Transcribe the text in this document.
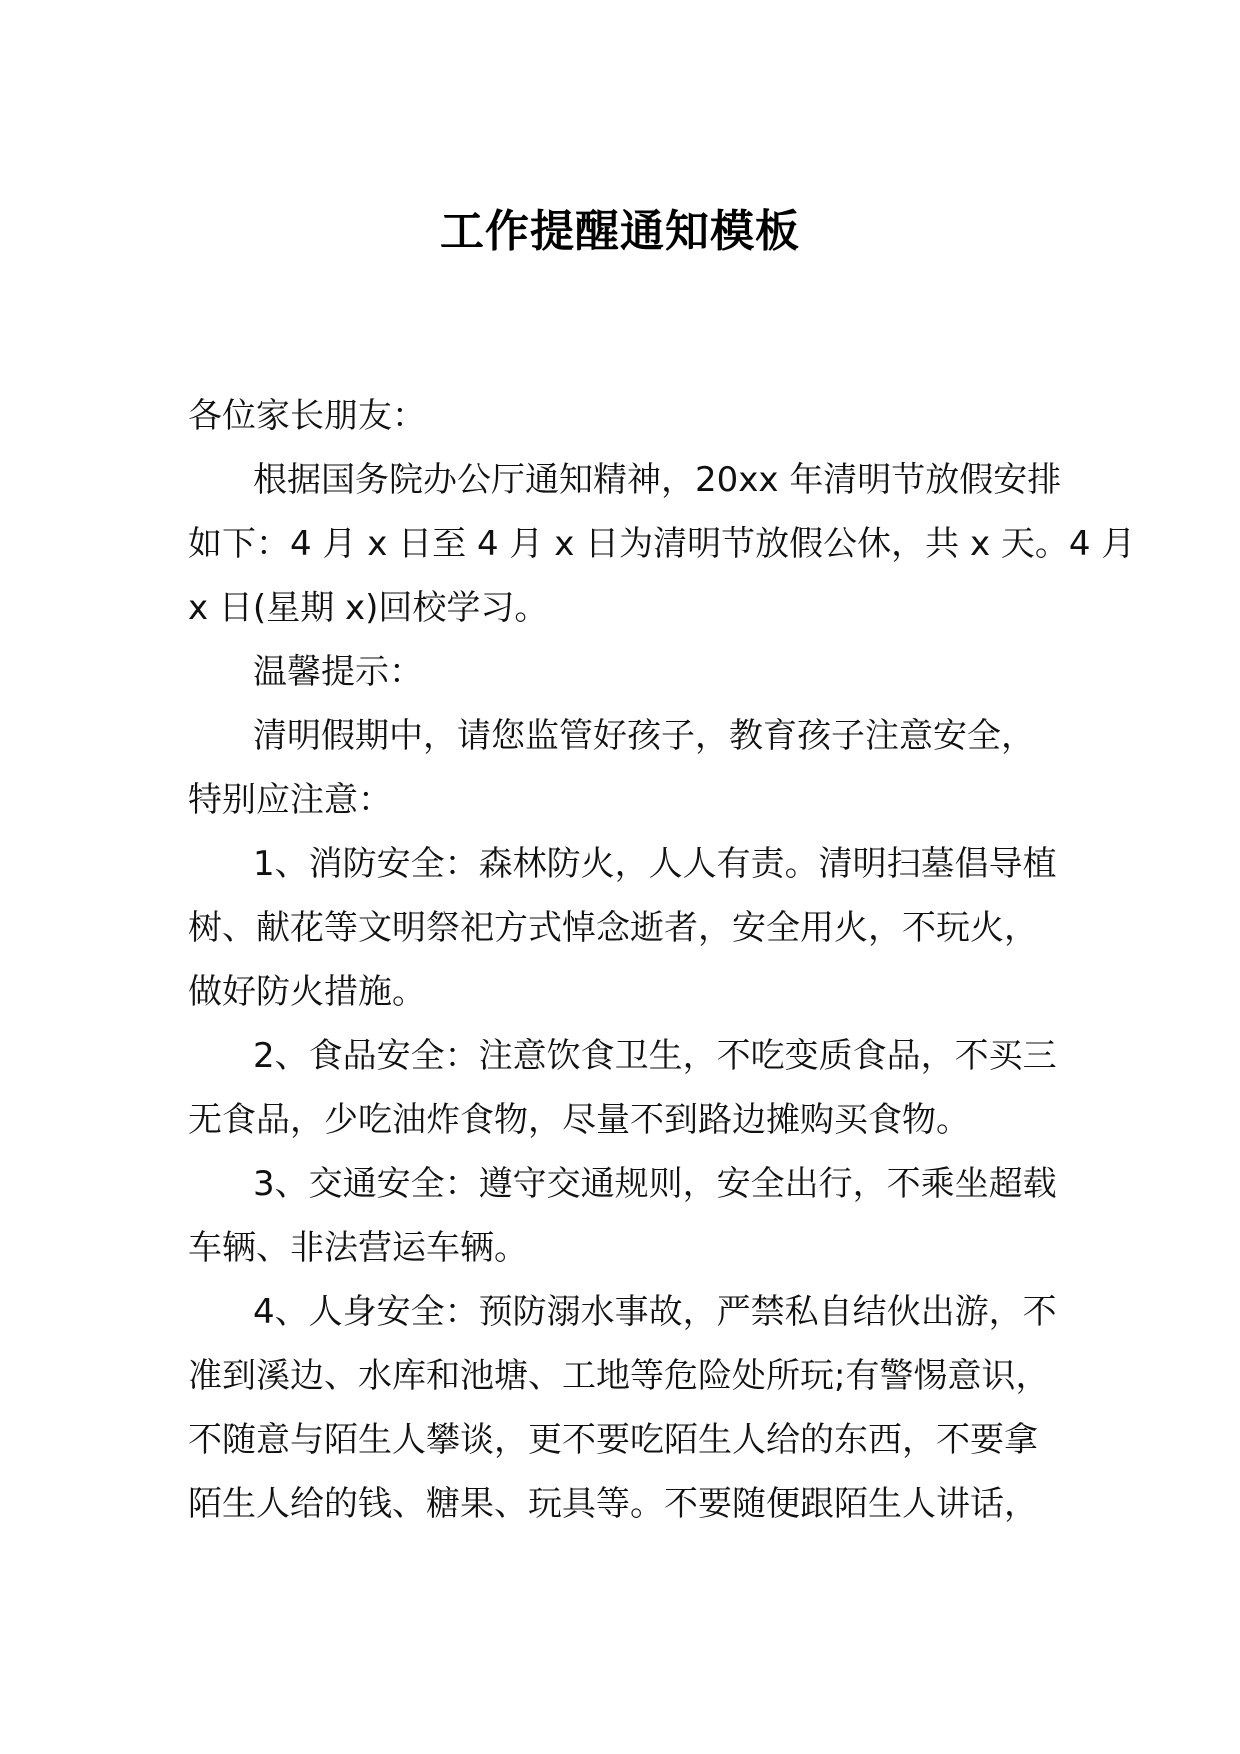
工作提醒通知模板
各位家长朋友：
根据国务院办公厅通知精神，20xx 年清明节放假安排
如下：4 月 x 日至 4 月 x 日为清明节放假公休，共 x 天。4 月
x 日(星期 x)回校学习。
温馨提示：
清明假期中，请您监管好孩子，教育孩子注意安全，
特别应注意：
1、消防安全：森林防火，人人有责。清明扫墓倡导植
树、献花等文明祭祀方式悼念逝者，安全用火，不玩火，
做好防火措施。
2、食品安全：注意饮食卫生，不吃变质食品，不买三
无食品，少吃油炸食物，尽量不到路边摊购买食物。
3、交通安全：遵守交通规则，安全出行，不乘坐超载
车辆、非法营运车辆。
4、人身安全：预防溺水事故，严禁私自结伙出游，不
准到溪边、水库和池塘、工地等危险处所玩;有警惕意识，
不随意与陌生人攀谈，更不要吃陌生人给的东西，不要拿
陌生人给的钱、糖果、玩具等。不要随便跟陌生人讲话，
